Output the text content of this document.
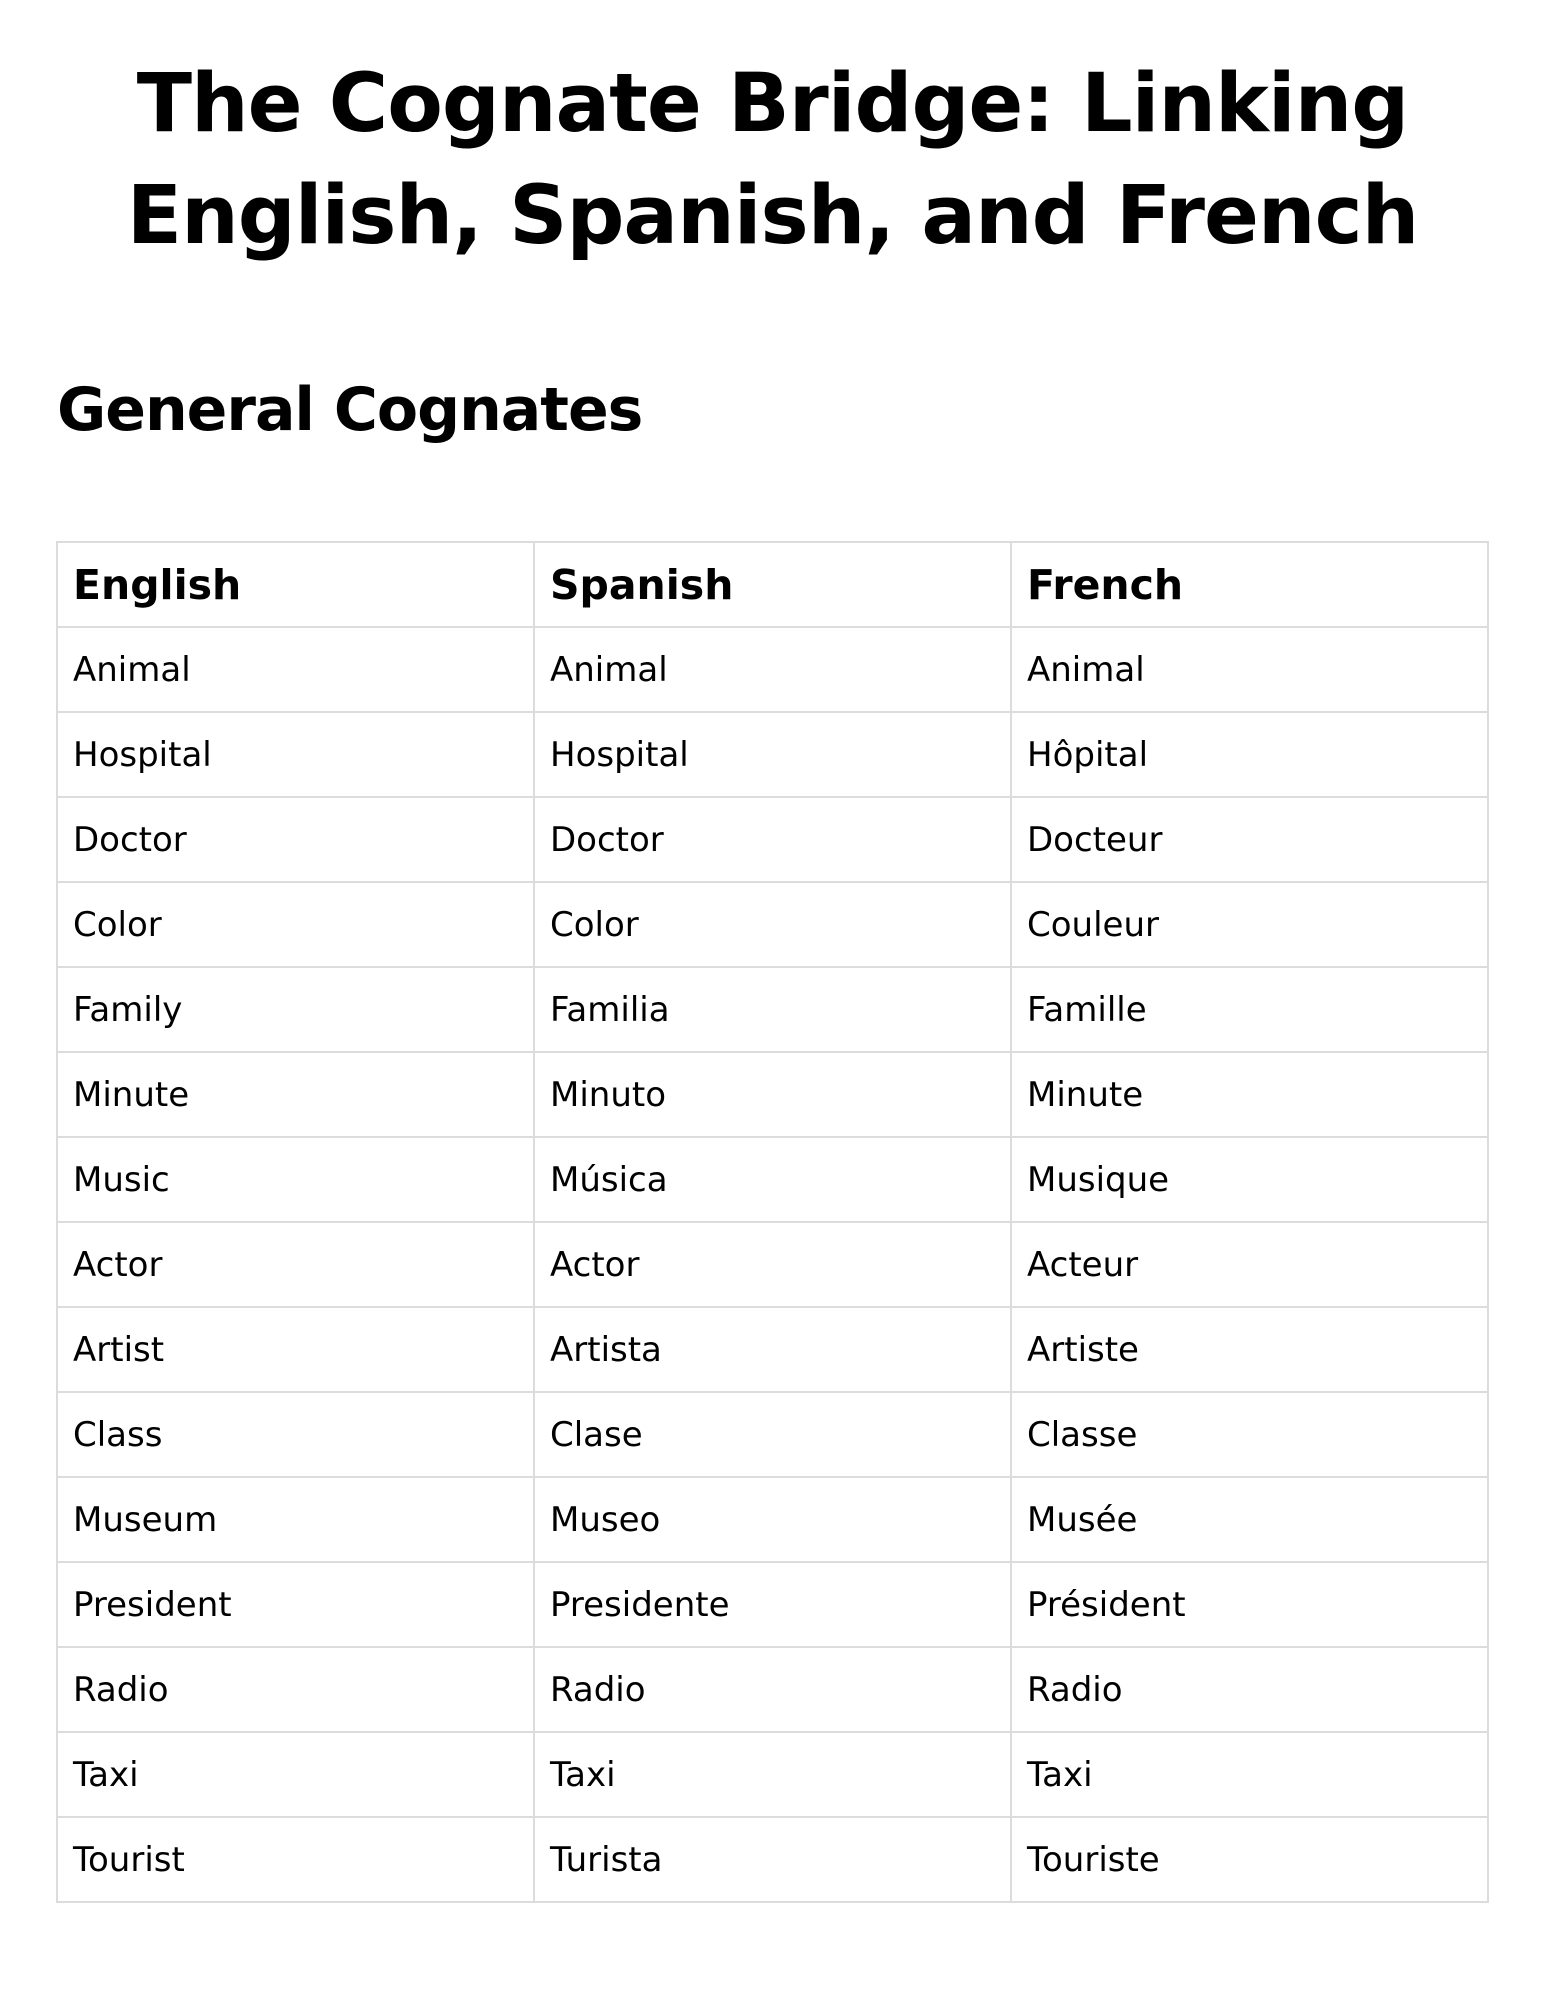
The Cognate Bridge: Linking English, Spanish, and French
General Cognates
English	Spanish	French
Animal	Animal	Animal
Hospital	Hospital	Hôpital
Doctor	Doctor	Docteur
Color	Color	Couleur
Family	Familia	Famille
Minute	Minuto	Minute
Music	Música	Musique
Actor	Actor	Acteur
Artist	Artista	Artiste
Class	Clase	Classe
Museum	Museo	Musée
President	Presidente	Président
Radio	Radio	Radio
Taxi	Taxi	Taxi
Tourist	Turista	Touriste
